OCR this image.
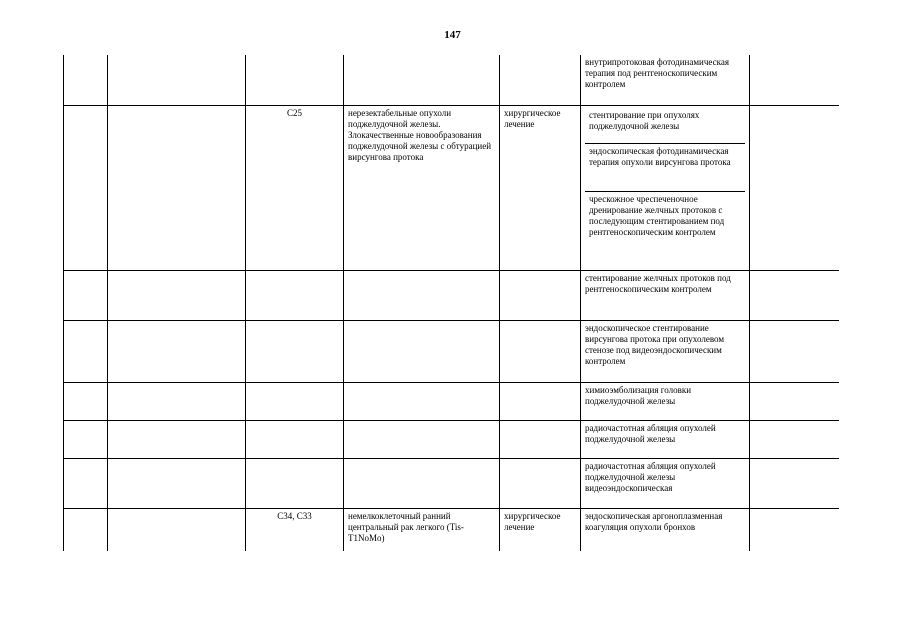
147
					внутрипротоковая фотодинамическая терапия под рентгеноскопическим контролем	
		C25	нерезектабельные опухоли поджелудочной железы. Злокачественные новообразования поджелудочной железы с обтурацией вирсунгова протока	хирургическое лечение	стентирование при опухолях поджелудочной железы
эндоскопическая фотодинамическая терапия опухоли вирсунгова протока
чрескожное чреспеченочное дренирование желчных протоков с последующим стентированием под рентгеноскопическим контролем	

					стентирование желчных протоков под рентгеноскопическим контролем	
					эндоскопическое стентирование вирсунгова протока при опухолевом стенозе под видеоэндоскопическим контролем	
					химиоэмболизация головки поджелудочной железы	
					радиочастотная абляция опухолей поджелудочной железы	
					радиочастотная абляция опухолей поджелудочной железы видеоэндоскопическая	
		C34, C33	немелкоклеточный ранний центральный рак легкого (Tis-T1NoMo)	хирургическое лечение	эндоскопическая аргоноплазменная коагуляция опухоли бронхов	
